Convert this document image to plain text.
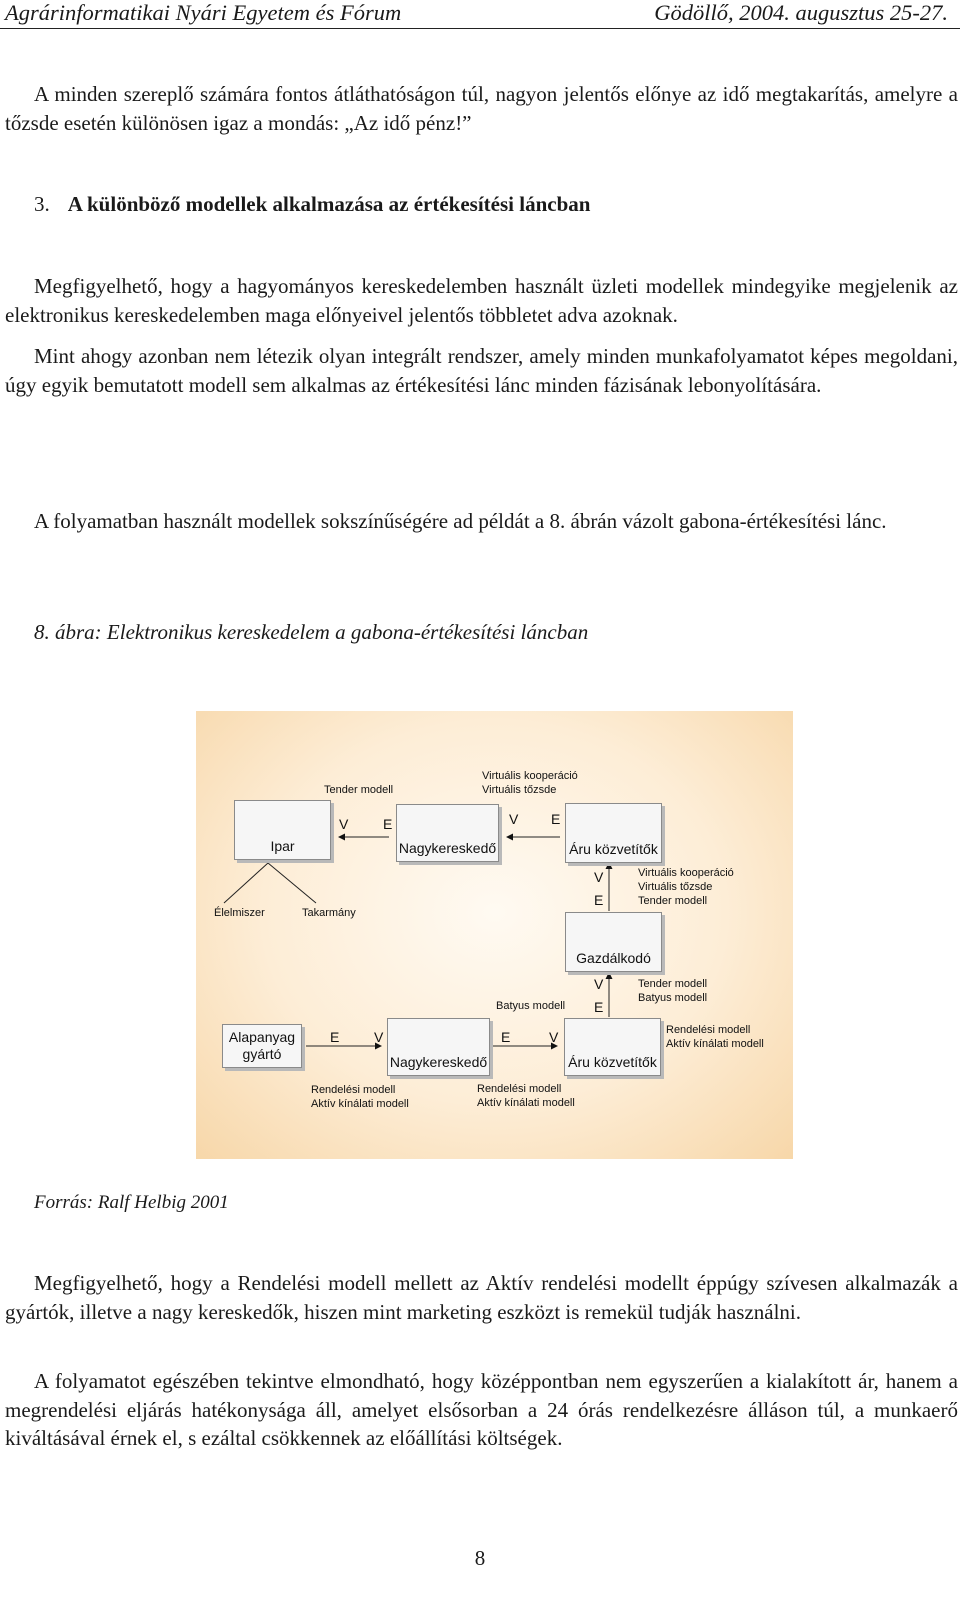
Agrárinformatikai Nyári Egyetem és Fórum	Gödöllő, 2004. augusztus 25-27.

A minden szereplő számára fontos átláthatóságon túl, nagyon jelentős előnye az idő megtakarítás, amelyre a tőzsde esetén különösen igaz a mondás: „Az idő pénz!”

3. A különböző modellek alkalmazása az értékesítési láncban

Megfigyelhető, hogy a hagyományos kereskedelemben használt üzleti modellek mindegyike megjelenik az elektronikus kereskedelemben maga előnyeivel jelentős többletet adva azoknak.

Mint ahogy azonban nem létezik olyan integrált rendszer, amely minden munkafolyamatot képes megoldani, úgy egyik bemutatott modell sem alkalmas az értékesítési lánc minden fázisának lebonyolítására.

A folyamatban használt modellek sokszínűségére ad példát a 8. ábrán vázolt gabona-értékesítési lánc.

8. ábra: Elektronikus kereskedelem a gabona-értékesítési láncban

Ipar	Nagykereskedő	Áru közvetítők
Gazdálkodó
Alapanyag gyártó	Nagykereskedő	Áru közvetítők
Tender modell
Virtuális kooperáció
Virtuális tőzsde
Élelmiszer	Takarmány
Virtuális kooperáció
Virtuális tőzsde
Tender modell
Batyus modell
Tender modell
Batyus modell
Rendelési modell
Aktív kínálati modell
Rendelési modell
Aktív kínálati modell
Rendelési modell
Aktív kínálati modell
V E	V E
V
E
V
E
E V	E	V

Forrás: Ralf Helbig 2001

Megfigyelhető, hogy a Rendelési modell mellett az Aktív rendelési modellt éppúgy szívesen alkalmazák a gyártók, illetve a nagy kereskedők, hiszen mint marketing eszközt is remekül tudják használni.

A folyamatot egészében tekintve elmondható, hogy középpontban nem egyszerűen a kialakított ár, hanem a megrendelési eljárás hatékonysága áll, amelyet elsősorban a 24 órás rendelkezésre álláson túl, a munkaerő kiváltásával érnek el, s ezáltal csökkennek az előállítási költségek.

8
